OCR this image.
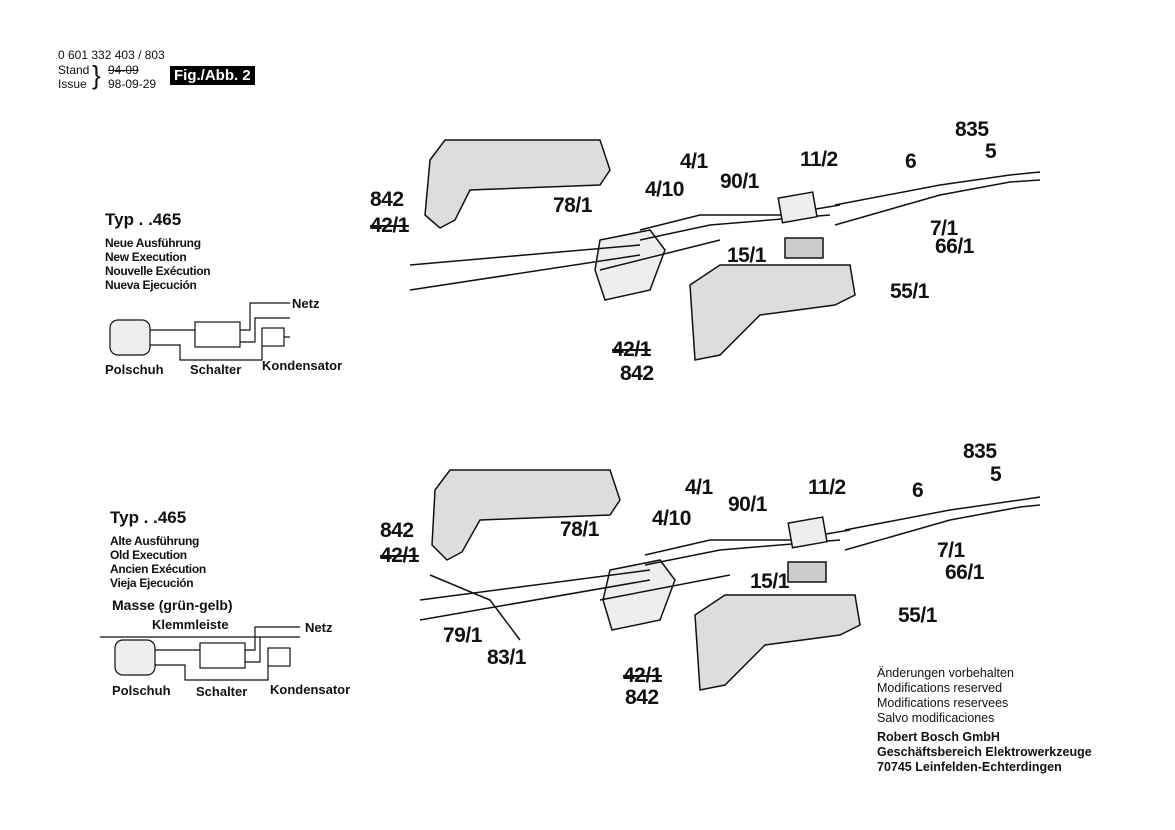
0 601 332 403 / 803
Stand
Issue } 94-09
98-09-29 Fig./Abb. 2
Typ . .465
Neue Ausführung
New Execution
Nouvelle Exécution
Nueva Ejecución
Netz
Polschuh Schalter Kondensator
835
5
6
11/2
90/1
4/1
4/10
78/1
842
42/1	7/1
66/1
15/1
55/1
42/1
842
Typ . .465
Alte Ausführung
Old Execution
Ancien Exécution
Vieja Ejecución
Masse (grün-gelb)
Klemmleiste	Netz
Polschuh Schalter Kondensator
835
5
6
11/2
90/1
4/1
4/10
78/1
842
42/1	7/1
66/1
15/1
55/1
79/1
83/1
42/1
842
Änderungen vorbehalten
Modifications reserved
Modifications reservees
Salvo modificaciones
Robert Bosch GmbH
Geschäftsbereich Elektrowerkzeuge
70745 Leinfelden-Echterdingen
